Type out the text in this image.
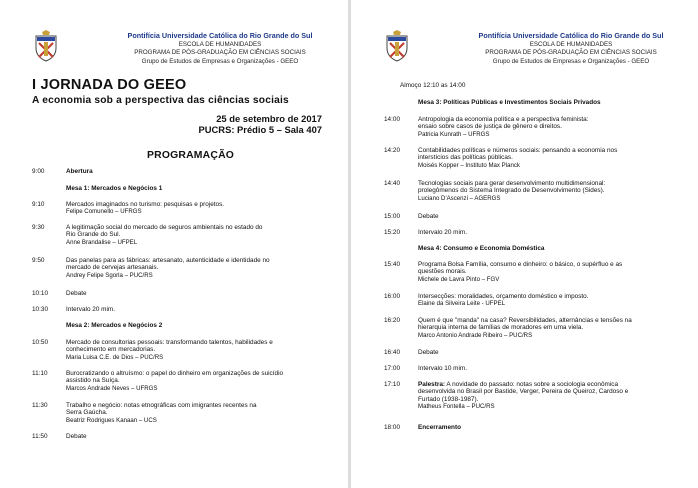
Pontifícia Universidade Católica do Rio Grande do Sul
ESCOLA DE HUMANIDADES
PROGRAMA DE PÓS-GRADUAÇÃO EM CIÊNCIAS SOCIAIS
Grupo de Estudos de Empresas e Organizações - GEEO
I JORNADA DO GEEO
A economia sob a perspectiva das ciências sociais
25 de setembro de 2017
PUCRS: Prédio 5 – Sala 407
PROGRAMAÇÃO
9:00	Abertura
Mesa 1: Mercados e Negócios 1
9:10	Mercados imaginados no turismo: pesquisas e projetos.
Felipe Comunello – UFRGS
9:30	A legitimação social do mercado de seguros ambientais no estado do
Rio Grande do Sul.
Anne Brandalise – UFPEL
9:50	Das panelas para as fábricas: artesanato, autenticidade e identidade no
mercado de cervejas artesanais.
Andrey Felipe Sgorla – PUC/RS
10:10	Debate
10:30	Intervalo 20 mim.
Mesa 2: Mercados e Negócios 2
10:50	Mercado de consultorias pessoais: transformando talentos, habilidades e
conhecimento em mercadorias.
Maria Luisa C.E. de Dios – PUC/RS
11:10	Burocratizando o altruísmo: o papel do dinheiro em organizações de suicídio
assistido na Suíça.
Marcos Andrade Neves – UFRGS
11:30	Trabalho e negócio: notas etnográficas com imigrantes recentes na
Serra Gaúcha.
Beatriz Rodrigues Kanaan – UCS
11:50	Debate
Pontifícia Universidade Católica do Rio Grande do Sul
ESCOLA DE HUMANIDADES
PROGRAMA DE PÓS-GRADUAÇÃO EM CIÊNCIAS SOCIAIS
Grupo de Estudos de Empresas e Organizações - GEEO
Almoço 12:10 as 14:00
Mesa 3: Políticas Públicas e Investimentos Sociais Privados
14:00	Antropologia da economia política e a perspectiva feminista:
ensaio sobre casos de justiça de gênero e direitos.
Patricia Kunrath – UFRGS
14:20	Contabilidades políticas e números sociais: pensando a economia nos
interstícios das políticas públicas.
Moisés Kopper – Instituto Max Planck
14:40	Tecnologias sociais para gerar desenvolvimento multidimensional:
prolegômenos do Sistema Integrado de Desenvolvimento (Sides).
Luciano D'Ascenzi – AGERGS
15:00	Debate
15:20	Intervalo 20 mim.
Mesa 4: Consumo e Economia Doméstica
15:40	Programa Bolsa Família, consumo e dinheiro: o básico, o supérfluo e as
questões morais.
Michele de Lavra Pinto – FGV
16:00	Intersecções: moralidades, orçamento doméstico e imposto.
Elaine da Silveira Leite - UFPEL
16:20	Quem é que "manda" na casa? Reversibilidades, alternâncias e tensões na
hierarquia interna de famílias de moradores em uma viela.
Marco Antonio Andrade Ribeiro – PUC/RS
16:40	Debate
17:00	Intervalo 10 mim.
17:10	Palestra: A novidade do passado: notas sobre a sociologia econômica
desenvolvida no Brasil por Bastide, Verger, Pereira de Queiroz, Cardoso e
Furtado (1938-1987).
Matheus Fontella – PUC/RS
18:00	Encerramento
